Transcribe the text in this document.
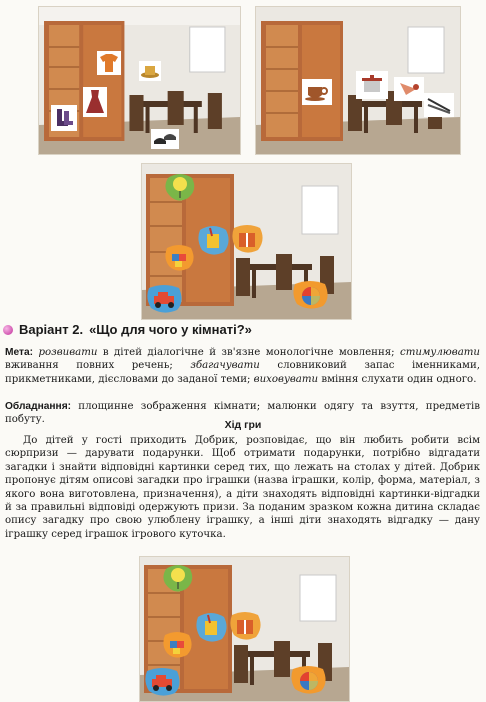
Варіант 2. «Що для чого у кімнаті?»
Мета: розвивати в дітей діалогічне й зв'язне монологічне мовлення; стимулювати вживання повних речень; збагачувати словниковий запас іменниками, прикметниками, дієсловами до заданої теми; виховувати вміння слухати один одного.
Обладнання: площинне зображення кімнати; малюнки одягу та взуття, предметів побуту.	Хід гри
До дітей у гості приходить Добрик, розповідає, що він любить робити всім сюрпризи — дарувати подарунки. Щоб отримати подарунки, потрібно відгадати загадки і знайти відповідні картинки серед тих, що лежать на столах у дітей. Добрик пропонує дітям описові загадки про іграшки (назва іграшки, колір, форма, матеріал, з якого вона виготовлена, призначення), а діти знаходять відповідні картинки-відгадки й за правильні відповіді одержують призи. За поданим зразком кожна дитина складає опису загадку про свою улюблену іграшку, а інші діти знаходять відгадку — дану іграшку серед іграшок ігрового куточка.
